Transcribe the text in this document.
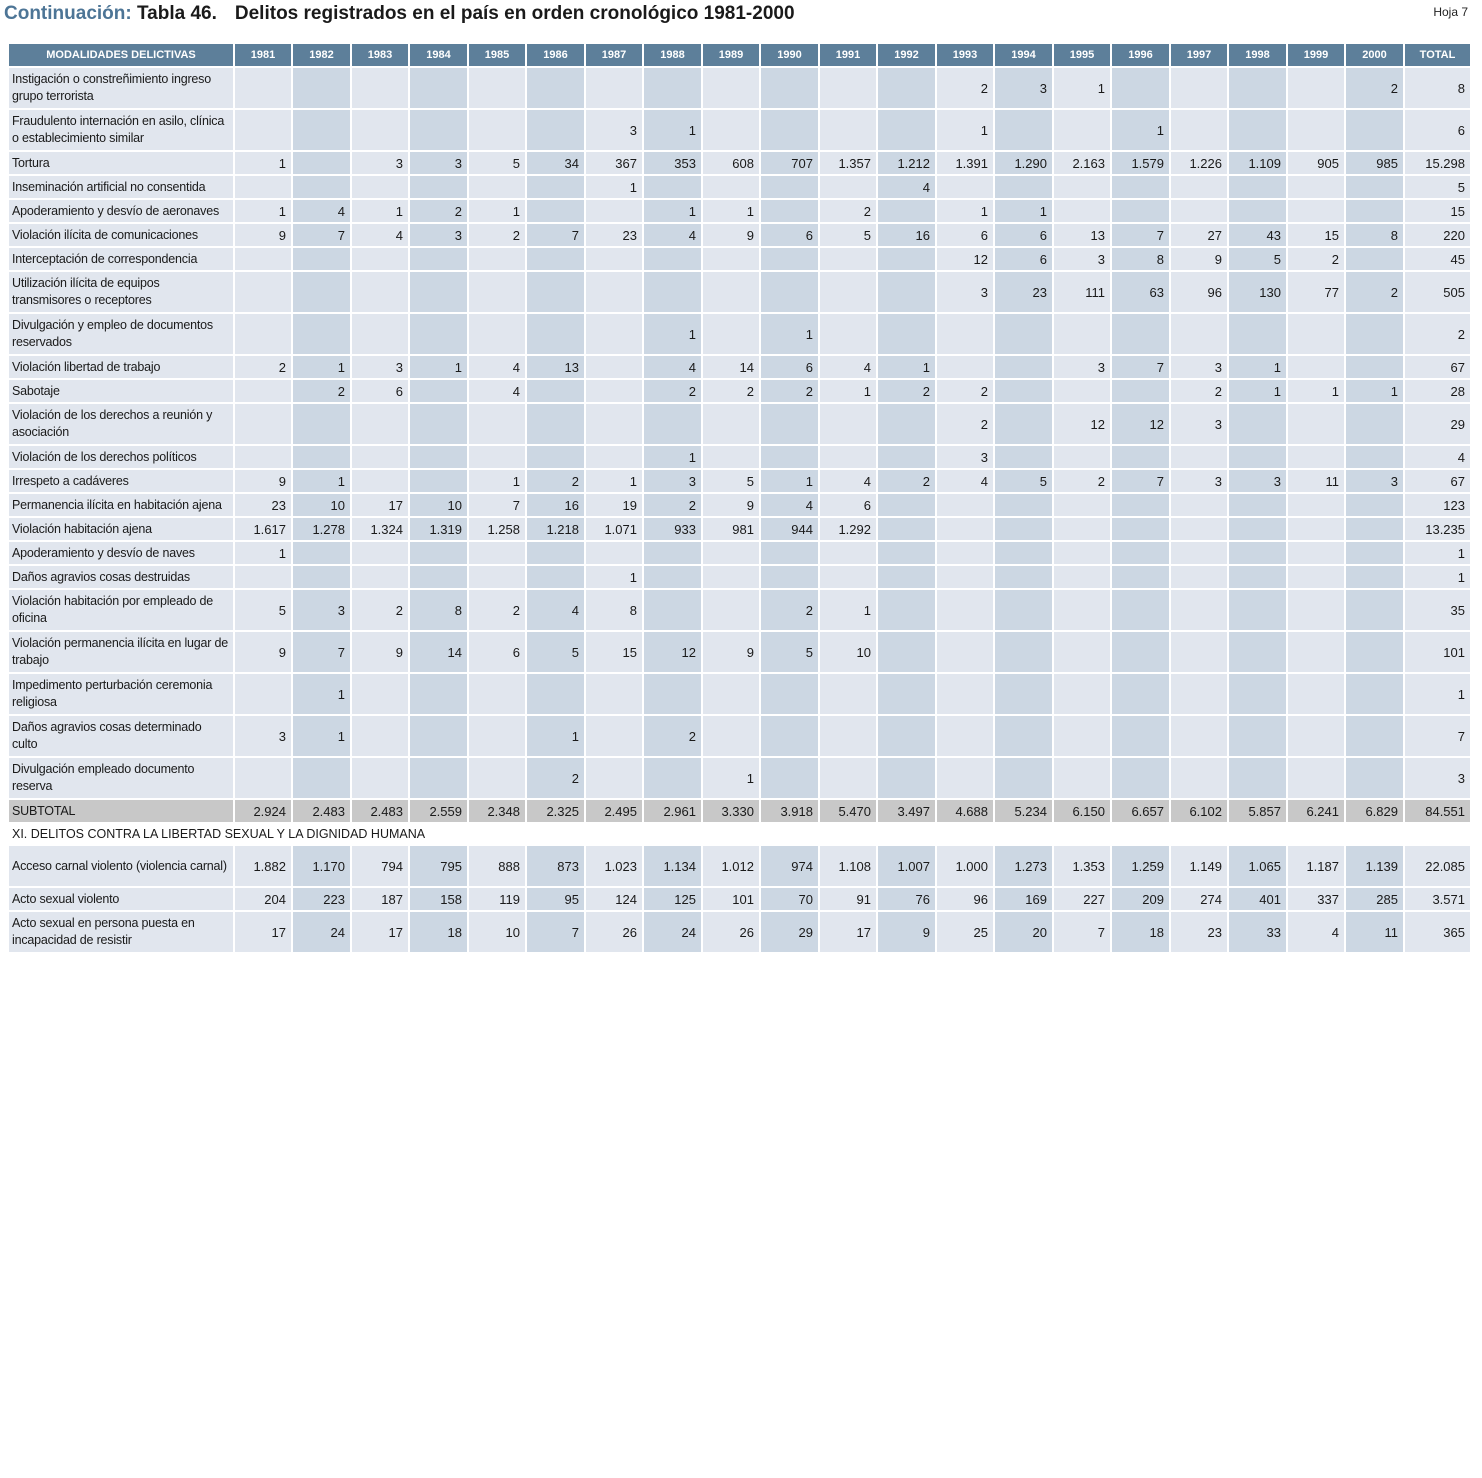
Continuación: Tabla 46. Delitos registrados en el país en orden cronológico 1981-2000	Hoja 7
MODALIDADES DELICTIVAS	1981	1982	1983	1984	1985	1986	1987	1988	1989	1990	1991	1992	1993	1994	1995	1996	1997	1998	1999	2000	TOTAL
Instigación o constreñimiento ingreso grupo terrorista													2	3	1					2	8
Fraudulento internación en asilo, clínica o establecimiento similar							3	1					1			1					6
Tortura	1		3	3	5	34	367	353	608	707	1.357	1.212	1.391	1.290	2.163	1.579	1.226	1.109	905	985	15.298
Inseminación artificial no consentida							1					4									5
Apoderamiento y desvío de aeronaves	1	4	1	2	1			1	1		2		1	1							15
Violación ilícita de comunicaciones	9	7	4	3	2	7	23	4	9	6	5	16	6	6	13	7	27	43	15	8	220
Interceptación de correspondencia													12	6	3	8	9	5	2		45
Utilización ilícita de equipos transmisores o receptores													3	23	111	63	96	130	77	2	505
Divulgación y empleo de documentos reservados								1		1											2
Violación libertad de trabajo	2	1	3	1	4	13		4	14	6	4	1			3	7	3	1			67
Sabotaje		2	6		4			2	2	2	1	2	2				2	1	1	1	28
Violación de los derechos a reunión y asociación													2		12	12	3				29
Violación de los derechos políticos								1					3								4
Irrespeto a cadáveres	9	1			1	2	1	3	5	1	4	2	4	5	2	7	3	3	11	3	67
Permanencia ilícita en habitación ajena	23	10	17	10	7	16	19	2	9	4	6										123
Violación habitación ajena	1.617	1.278	1.324	1.319	1.258	1.218	1.071	933	981	944	1.292										13.235
Apoderamiento y desvío de naves	1																				1
Daños agravios cosas destruidas							1														1
Violación habitación por empleado de oficina	5	3	2	8	2	4	8			2	1										35
Violación permanencia ilícita en lugar de trabajo	9	7	9	14	6	5	15	12	9	5	10										101
Impedimento perturbación ceremonia religiosa		1																			1
Daños agravios cosas determinado culto	3	1				1		2													7
Divulgación empleado documento reserva						2			1												3
SUBTOTAL	2.924	2.483	2.483	2.559	2.348	2.325	2.495	2.961	3.330	3.918	5.470	3.497	4.688	5.234	6.150	6.657	6.102	5.857	6.241	6.829	84.551
XI. DELITOS CONTRA LA LIBERTAD SEXUAL Y LA DIGNIDAD HUMANA																					
Acceso carnal violento (violencia carnal)	1.882	1.170	794	795	888	873	1.023	1.134	1.012	974	1.108	1.007	1.000	1.273	1.353	1.259	1.149	1.065	1.187	1.139	22.085
Acto sexual violento	204	223	187	158	119	95	124	125	101	70	91	76	96	169	227	209	274	401	337	285	3.571
Acto sexual en persona puesta en incapacidad de resistir	17	24	17	18	10	7	26	24	26	29	17	9	25	20	7	18	23	33	4	11	365
